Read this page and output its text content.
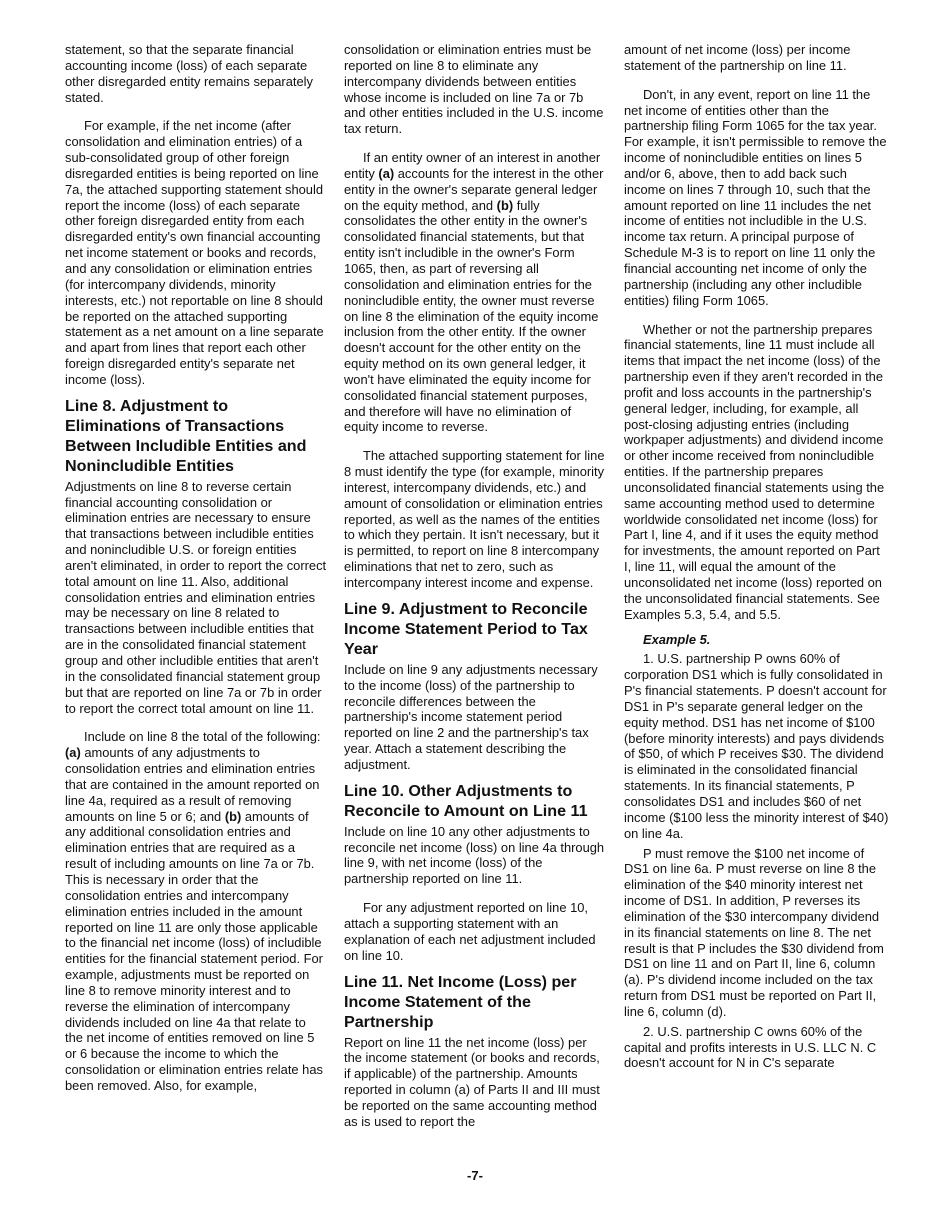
statement, so that the separate financial accounting income (loss) of each separate other disregarded entity remains separately stated.

For example, if the net income (after consolidation and elimination entries) of a sub-consolidated group of other foreign disregarded entities is being reported on line 7a, the attached supporting statement should report the income (loss) of each separate other foreign disregarded entity from each disregarded entity's own financial accounting net income statement or books and records, and any consolidation or elimination entries (for intercompany dividends, minority interests, etc.) not reportable on line 8 should be reported on the attached supporting statement as a net amount on a line separate and apart from lines that report each other foreign disregarded entity's separate net income (loss).

Line 8. Adjustment to Eliminations of Transactions Between Includible Entities and Nonincludible Entities

Adjustments on line 8 to reverse certain financial accounting consolidation or elimination entries are necessary to ensure that transactions between includible entities and nonincludible U.S. or foreign entities aren't eliminated, in order to report the correct total amount on line 11. Also, additional consolidation entries and elimination entries may be necessary on line 8 related to transactions between includible entities that are in the consolidated financial statement group and other includible entities that aren't in the consolidated financial statement group but that are reported on line 7a or 7b in order to report the correct total amount on line 11.

Include on line 8 the total of the following: (a) amounts of any adjustments to consolidation entries and elimination entries that are contained in the amount reported on line 4a, required as a result of removing amounts on line 5 or 6; and (b) amounts of any additional consolidation entries and elimination entries that are required as a result of including amounts on line 7a or 7b. This is necessary in order that the consolidation entries and intercompany elimination entries included in the amount reported on line 11 are only those applicable to the financial net income (loss) of includible entities for the financial statement period. For example, adjustments must be reported on line 8 to remove minority interest and to reverse the elimination of intercompany dividends included on line 4a that relate to the net income of entities removed on line 5 or 6 because the income to which the consolidation or elimination entries relate has been removed. Also, for example,

consolidation or elimination entries must be reported on line 8 to eliminate any intercompany dividends between entities whose income is included on line 7a or 7b and other entities included in the U.S. income tax return.

If an entity owner of an interest in another entity (a) accounts for the interest in the other entity in the owner's separate general ledger on the equity method, and (b) fully consolidates the other entity in the owner's consolidated financial statements, but that entity isn't includible in the owner's Form 1065, then, as part of reversing all consolidation and elimination entries for the nonincludible entity, the owner must reverse on line 8 the elimination of the equity income inclusion from the other entity. If the owner doesn't account for the other entity on the equity method on its own general ledger, it won't have eliminated the equity income for consolidated financial statement purposes, and therefore will have no elimination of equity income to reverse.

The attached supporting statement for line 8 must identify the type (for example, minority interest, intercompany dividends, etc.) and amount of consolidation or elimination entries reported, as well as the names of the entities to which they pertain. It isn't necessary, but it is permitted, to report on line 8 intercompany eliminations that net to zero, such as intercompany interest income and expense.

Line 9. Adjustment to Reconcile Income Statement Period to Tax Year

Include on line 9 any adjustments necessary to the income (loss) of the partnership to reconcile differences between the partnership's income statement period reported on line 2 and the partnership's tax year. Attach a statement describing the adjustment.

Line 10. Other Adjustments to Reconcile to Amount on Line 11

Include on line 10 any other adjustments to reconcile net income (loss) on line 4a through line 9, with net income (loss) of the partnership reported on line 11.

For any adjustment reported on line 10, attach a supporting statement with an explanation of each net adjustment included on line 10.

Line 11. Net Income (Loss) per Income Statement of the Partnership

Report on line 11 the net income (loss) per the income statement (or books and records, if applicable) of the partnership. Amounts reported in column (a) of Parts II and III must be reported on the same accounting method as is used to report the

amount of net income (loss) per income statement of the partnership on line 11.

Don't, in any event, report on line 11 the net income of entities other than the partnership filing Form 1065 for the tax year. For example, it isn't permissible to remove the income of nonincludible entities on lines 5 and/or 6, above, then to add back such income on lines 7 through 10, such that the amount reported on line 11 includes the net income of entities not includible in the U.S. income tax return. A principal purpose of Schedule M-3 is to report on line 11 only the financial accounting net income of only the partnership (including any other includible entities) filing Form 1065.

Whether or not the partnership prepares financial statements, line 11 must include all items that impact the net income (loss) of the partnership even if they aren't recorded in the profit and loss accounts in the partnership's general ledger, including, for example, all post-closing adjusting entries (including workpaper adjustments) and dividend income or other income received from nonincludible entities. If the partnership prepares unconsolidated financial statements using the same accounting method used to determine worldwide consolidated net income (loss) for Part I, line 4, and if it uses the equity method for investments, the amount reported on Part I, line 11, will equal the amount of the unconsolidated net income (loss) reported on the unconsolidated financial statements. See Examples 5.3, 5.4, and 5.5.

Example 5.

1. U.S. partnership P owns 60% of corporation DS1 which is fully consolidated in P's financial statements. P doesn't account for DS1 in P's separate general ledger on the equity method. DS1 has net income of $100 (before minority interests) and pays dividends of $50, of which P receives $30. The dividend is eliminated in the consolidated financial statements. In its financial statements, P consolidates DS1 and includes $60 of net income ($100 less the minority interest of $40) on line 4a.

P must remove the $100 net income of DS1 on line 6a. P must reverse on line 8 the elimination of the $40 minority interest net income of DS1. In addition, P reverses its elimination of the $30 intercompany dividend in its financial statements on line 8. The net result is that P includes the $30 dividend from DS1 on line 11 and on Part II, line 6, column (a). P's dividend income included on the tax return from DS1 must be reported on Part II, line 6, column (d).

2. U.S. partnership C owns 60% of the capital and profits interests in U.S. LLC N. C doesn't account for N in C's separate

-7-
